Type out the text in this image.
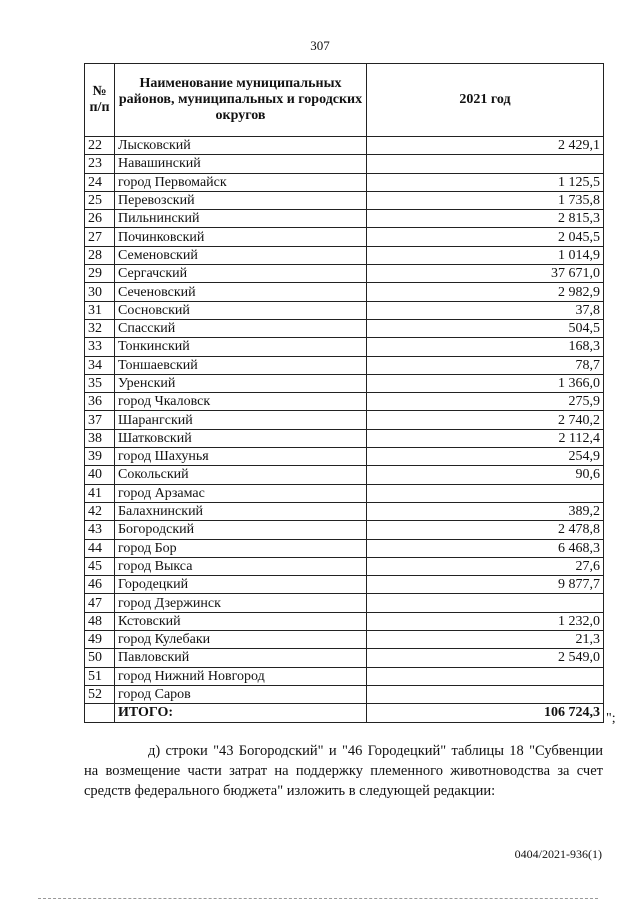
307
№ п/п	Наименование муниципальных районов, муниципальных и городских округов	2021 год
22	Лысковский	2 429,1
23	Навашинский	
24	город Первомайск	1 125,5
25	Перевозский	1 735,8
26	Пильнинский	2 815,3
27	Починковский	2 045,5
28	Семеновский	1 014,9
29	Сергачский	37 671,0
30	Сеченовский	2 982,9
31	Сосновский	37,8
32	Спасский	504,5
33	Тонкинский	168,3
34	Тоншаевский	78,7
35	Уренский	1 366,0
36	город Чкаловск	275,9
37	Шарангский	2 740,2
38	Шатковский	2 112,4
39	город Шахунья	254,9
40	Сокольский	90,6
41	город Арзамас	
42	Балахнинский	389,2
43	Богородский	2 478,8
44	город Бор	6 468,3
45	город Выкса	27,6
46	Городецкий	9 877,7
47	город Дзержинск	
48	Кстовский	1 232,0
49	город Кулебаки	21,3
50	Павловский	2 549,0
51	город Нижний Новгород	
52	город Саров	
	ИТОГО:	106 724,3 ";

д) строки "43 Богородский" и "46 Городецкий" таблицы 18 "Субвенции на возмещение части затрат на поддержку племенного животноводства за счет средств федерального бюджета" изложить в следующей редакции:

0404/2021-936(1)
